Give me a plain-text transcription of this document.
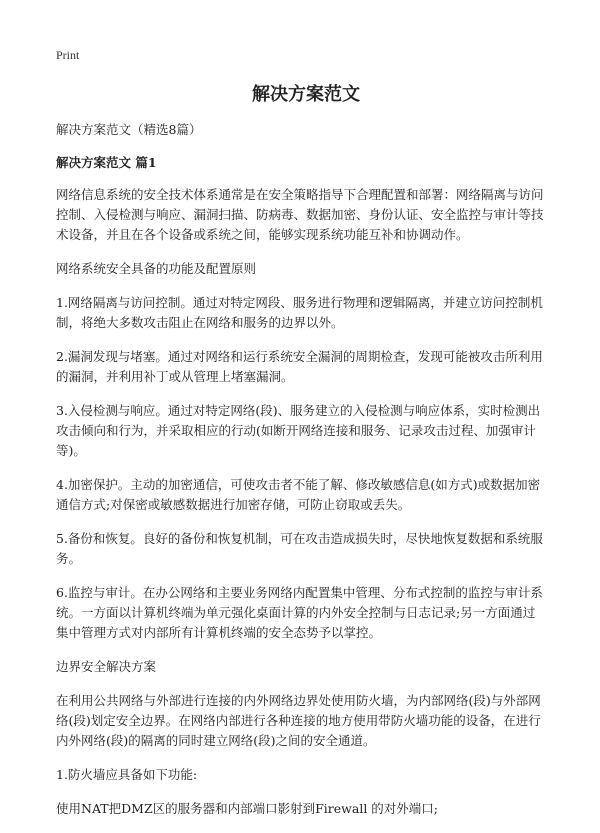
Print
解决方案范文

解决方案范文（精选8篇）

解决方案范文 篇1

网络信息系统的安全技术体系通常是在安全策略指导下合理配置和部署：网络隔离与访问控制、入侵检测与响应、漏洞扫描、防病毒、数据加密、身份认证、安全监控与审计等技术设备，并且在各个设备或系统之间，能够实现系统功能互补和协调动作。

网络系统安全具备的功能及配置原则

1.网络隔离与访问控制。通过对特定网段、服务进行物理和逻辑隔离，并建立访问控制机制，将绝大多数攻击阻止在网络和服务的边界以外。

2.漏洞发现与堵塞。通过对网络和运行系统安全漏洞的周期检查，发现可能被攻击所利用的漏洞，并利用补丁或从管理上堵塞漏洞。

3.入侵检测与响应。通过对特定网络(段)、服务建立的入侵检测与响应体系，实时检测出攻击倾向和行为，并采取相应的行动(如断开网络连接和服务、记录攻击过程、加强审计等)。

4.加密保护。主动的加密通信，可使攻击者不能了解、修改敏感信息(如方式)或数据加密通信方式;对保密或敏感数据进行加密存储，可防止窃取或丢失。

5.备份和恢复。良好的备份和恢复机制，可在攻击造成损失时，尽快地恢复数据和系统服务。

6.监控与审计。在办公网络和主要业务网络内配置集中管理、分布式控制的监控与审计系统。一方面以计算机终端为单元强化桌面计算的内外安全控制与日志记录;另一方面通过集中管理方式对内部所有计算机终端的安全态势予以掌控。

边界安全解决方案

在利用公共网络与外部进行连接的内外网络边界处使用防火墙，为内部网络(段)与外部网络(段)划定安全边界。在网络内部进行各种连接的地方使用带防火墙功能的设备，在进行内外网络(段)的隔离的同时建立网络(段)之间的安全通道。

1.防火墙应具备如下功能:

使用NAT把DMZ区的服务器和内部端口影射到Firewall 的对外端口;
